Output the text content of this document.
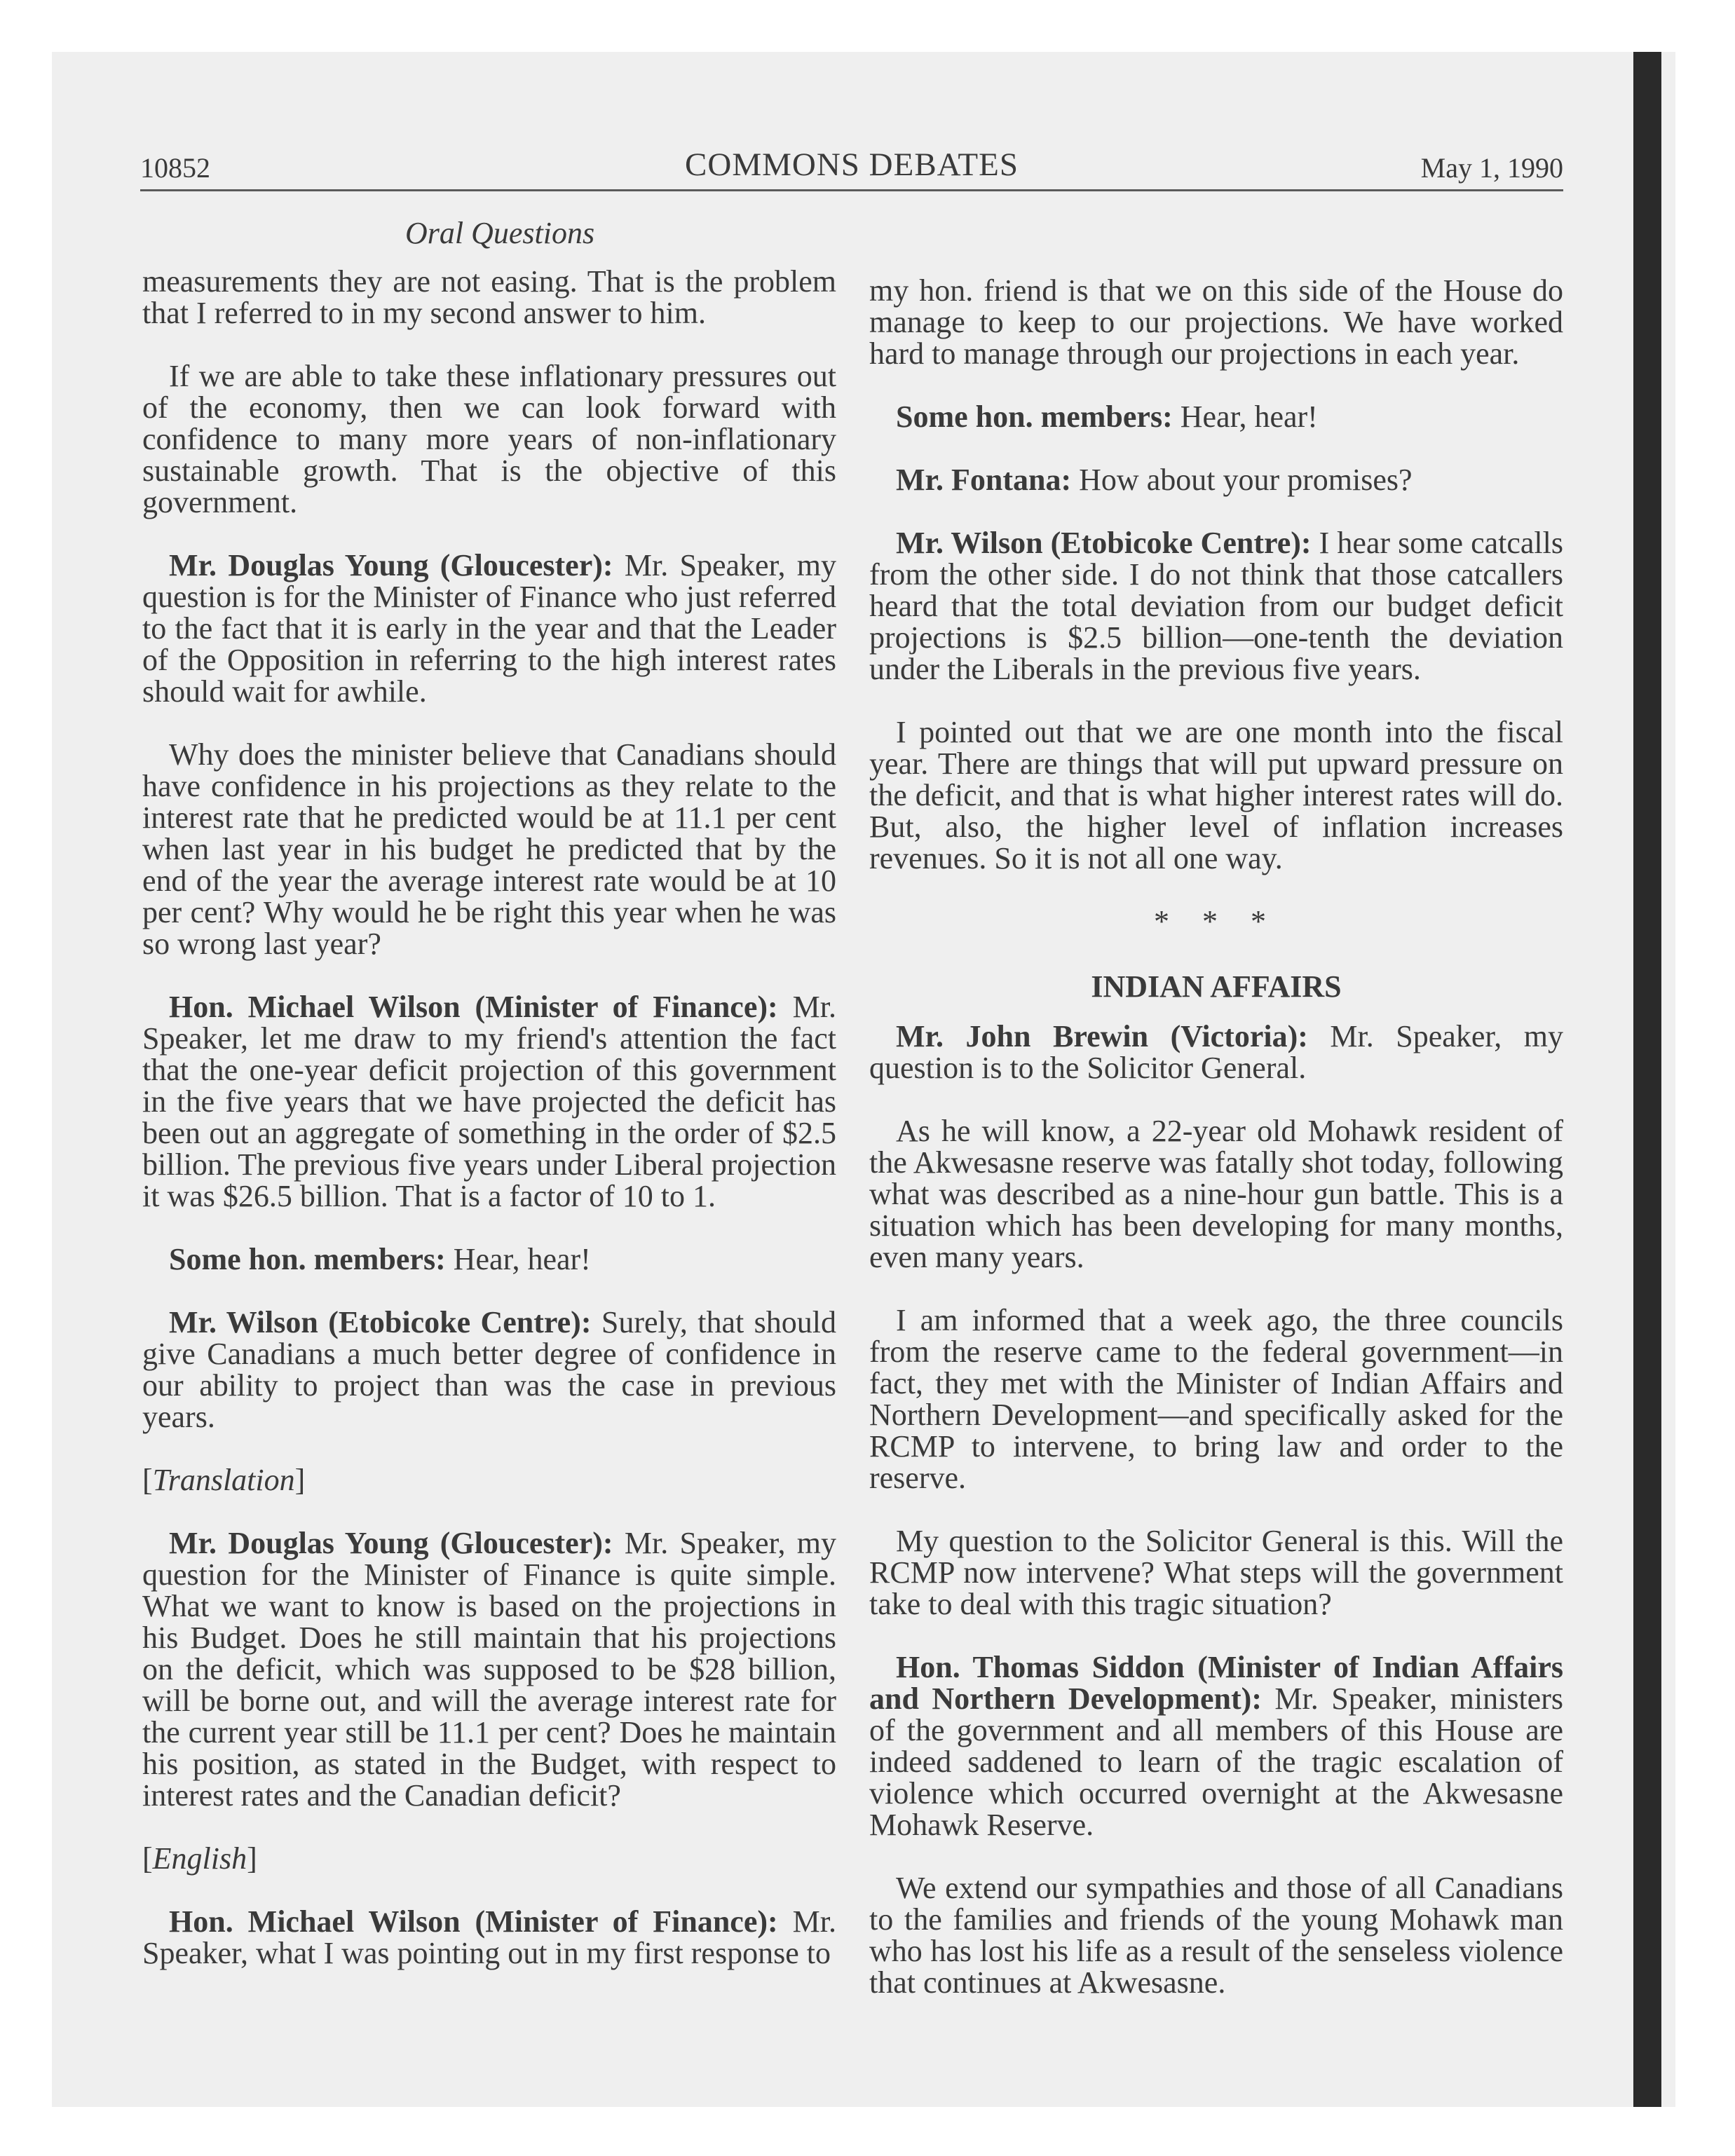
10852	COMMONS DEBATES	May 1, 1990
Oral Questions

measurements they are not easing. That is the problem that I referred to in my second answer to him.

If we are able to take these inflationary pressures out of the economy, then we can look forward with confidence to many more years of non-inflationary sustainable growth. That is the objective of this government.

Mr. Douglas Young (Gloucester): Mr. Speaker, my question is for the Minister of Finance who just referred to the fact that it is early in the year and that the Leader of the Opposition in referring to the high interest rates should wait for awhile.

Why does the minister believe that Canadians should have confidence in his projections as they relate to the interest rate that he predicted would be at 11.1 per cent when last year in his budget he predicted that by the end of the year the average interest rate would be at 10 per cent? Why would he be right this year when he was so wrong last year?

Hon. Michael Wilson (Minister of Finance): Mr. Speaker, let me draw to my friend's attention the fact that the one-year deficit projection of this government in the five years that we have projected the deficit has been out an aggregate of something in the order of $2.5 billion. The previous five years under Liberal projection it was $26.5 billion. That is a factor of 10 to 1.

Some hon. members: Hear, hear!

Mr. Wilson (Etobicoke Centre): Surely, that should give Canadians a much better degree of confidence in our ability to project than was the case in previous years.

[Translation]

Mr. Douglas Young (Gloucester): Mr. Speaker, my question for the Minister of Finance is quite simple. What we want to know is based on the projections in his Budget. Does he still maintain that his projections on the deficit, which was supposed to be $28 billion, will be borne out, and will the average interest rate for the current year still be 11.1 per cent? Does he maintain his position, as stated in the Budget, with respect to interest rates and the Canadian deficit?

[English]

Hon. Michael Wilson (Minister of Finance): Mr. Speaker, what I was pointing out in my first response to

my hon. friend is that we on this side of the House do manage to keep to our projections. We have worked hard to manage through our projections in each year.

Some hon. members: Hear, hear!

Mr. Fontana: How about your promises?

Mr. Wilson (Etobicoke Centre): I hear some catcalls from the other side. I do not think that those catcallers heard that the total deviation from our budget deficit projections is $2.5 billion—one-tenth the deviation under the Liberals in the previous five years.

I pointed out that we are one month into the fiscal year. There are things that will put upward pressure on the deficit, and that is what higher interest rates will do. But, also, the higher level of inflation increases revenues. So it is not all one way.

* * *

INDIAN AFFAIRS

Mr. John Brewin (Victoria): Mr. Speaker, my question is to the Solicitor General.

As he will know, a 22-year old Mohawk resident of the Akwesasne reserve was fatally shot today, following what was described as a nine-hour gun battle. This is a situation which has been developing for many months, even many years.

I am informed that a week ago, the three councils from the reserve came to the federal government—in fact, they met with the Minister of Indian Affairs and Northern Development—and specifically asked for the RCMP to intervene, to bring law and order to the reserve.

My question to the Solicitor General is this. Will the RCMP now intervene? What steps will the government take to deal with this tragic situation?

Hon. Thomas Siddon (Minister of Indian Affairs and Northern Development): Mr. Speaker, ministers of the government and all members of this House are indeed saddened to learn of the tragic escalation of violence which occurred overnight at the Akwesasne Mohawk Reserve.

We extend our sympathies and those of all Canadians to the families and friends of the young Mohawk man who has lost his life as a result of the senseless violence that continues at Akwesasne.
